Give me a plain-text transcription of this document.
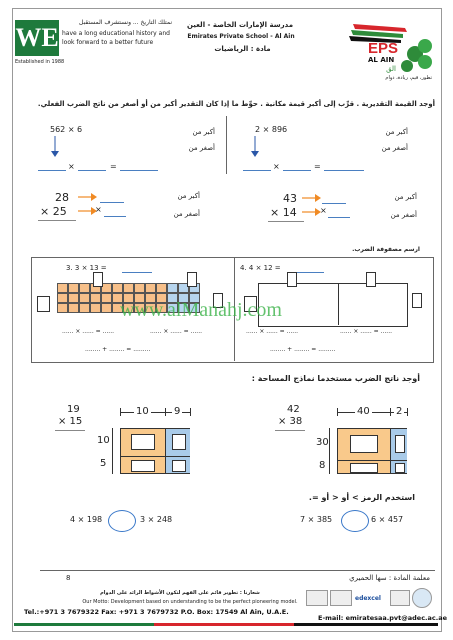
WE
Established in 1988
نمتلك التاريخ ... ونستشرف المستقبل
have a long educational history and
look forward to a better future
مدرسة الإمارات الخاصة - العين
Emirates Private School - Al Ain
مادة : الرياضيات	EPS
AL AIN
الق
تطور، قيم، ريادة، دوام
أوجد القيمة التقديرية . قرِّب إلى أكبر قيمة مكانية . حوِّط ما إذا كان التقدير أكبر من أو أصغر من ناتج الضرب الفعلي.
562 × 6	أكبر من
أصغر من
×	=
2 × 896	أكبر من
أصغر من
×	=
28
× 25	×
أكبر من
أصغر من
43
× 14	×
أكبر من
أصغر من
ارسم مصفوفة الضرب.
3. 3 × 13 =	4. 4 × 12 =
www.alManahj.com
...... × ...... = ......	...... × ...... = ......
........ + ........ = .........
...... × ...... = ......	...... × ...... = ......
........ + ........ = .........
أوجد ناتج الضرب مستخدما نماذج المساحة :
19
× 15
10	9
10
5
42
× 38
40	2
30
8
استخدم الرمز > أو < أو =.
4 × 198	3 × 248	7 × 385	6 × 457
8	معلمة المادة : سها الحميري
شعارنا : تطوير قائم على الفهم لتكون الأشواط الرائد على الدوام
Our Motto: Development based on understanding to be the perfect pioneering model.	edexcel
Tel.:+971 3 7679322 Fax: +971 3 7679732 P.O. Box: 17549 Al Ain, U.A.E.
E-mail: emiratesaa.pvt@adec.ac.ae
